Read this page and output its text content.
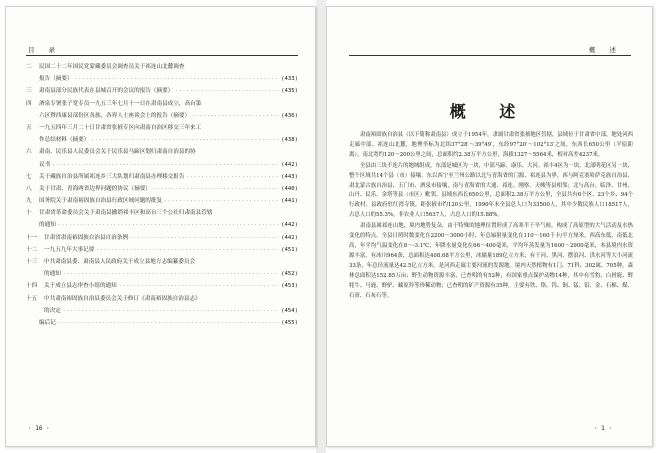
目 录
二	民国二十二年国民党蒙藏委员会调查员关于祁连山北麓调查
报告（摘要） ·····	(433)
三	肃南县部分民族代表在县城召开的会议的报告（摘要） ·····	(435)
四	酒泉专署张子宽专员一九五三年七月十一日在肃南县成立，高台第
六区暨西康县部份区各族、各界人士座谈会上的报告（摘要） ·····	(436)
五	一九五四年三月二十日甘肃省张掖专区向肃南自治区移交三年来工
作总结材料（摘要） ·····	(438)
六	肃南、民乐县人民委员会关于民乐县马蹄区划归肃南自治县的协
议书 ·····	(442)
七	关于藏族自治县所属祁连乡三大队划归肃南县办理移交报告 ·····	(443)
八	关于甘肃、青海两省边界问题的协议（摘要） ·····	(440)
九	国务院关于肃南裕固族自治县行政区域问题的批复 ·····	(441)
十	甘肃省革命委员会关于肃南县撤销祁丰区和高台三个公社归肃南县管辖
的通知 ·····	(442)
十一	甘肃省肃南裕固族自治县自治条例 ·····	(442)
十二	一九五九年大事记要 ·····	(451)
十三	中共肃南县委、肃南县人民政府关于成立县地方志编纂委员会
的通知 ·····	(452)
十四	关于成立县志审查小组的通知 ·····	(453)
十五	中共肃南裕固族自治县委员会关于修订《肃南裕固族自治县志》
的决定 ·····	(454)
编后记 ·····	(455)
· 16 ·
概 述
概 述

肃南裕固族自治县（以下简称肃南县）成立于1954年，隶属甘肃省张掖地区管辖，县域位于甘肃省中部，地处河西走廊中部、祁连山北麓，地理坐标为北纬37°28′～39°49′，东经97°20′～102°13′之间，东西长650公里（平原距离），南北宽约120～200公里之间，总面积约2.38万平方公里，海拔1327～5564米，相对高差4237米。

全县由三块不连片的地域组成，东部是城区为一块，中部马蹄、康乐、大河、祁丰4区为一块，北部明花区另一块，整个区域共14个县（市）接壤。东以西宁至兰州公路以北与青海省的门源、祁连县为界，西与阿克塞哈萨克族自治县、肃北蒙古族自治县、玉门市、酒泉市接壤，南与青海省的大通、祁连、刚察、天峻等县相邻；北与高台、临泽、甘州、山丹、民乐、金塔等县（市区）毗邻。县域东西长650公里，总面积2.38万平方公里，全县共有6个区、23个乡、94个行政村。县政府驻红湾寺镇，距张掖市约120公里，1990年末全县总人口为33500人，其中少数民族人口18517人，占总人口的55.3%，非农业人口5637人，占总人口的15.88%。

肃南县属祁连山地，境内地势复杂，由于特殊的地理位置形成了高寒半干旱气候，构成了高原型的大气活动及水热变化的特点。全县日照时数变化在2200～3000小时，年总辐射量变化在110～160千卡/平方厘米，西高东低，南低北高，年平均气温变化在8～-3.1℃，年降水量变化在66～400毫米，平均年蒸发量为1600～2900毫米，本县境内水资源丰富，有冰川964条，总面积达408.68平方公里，冰储量189亿立方米；有干河、黑河、摆浪河、洪水河等大小河流33条，年总径流量达42.5亿立方米，是河西走廊主要河流的发源地。境内天然植物有1门、71科、302属、705种，森林总面积达152.85万亩；野生动物资源丰富，已查明的有52种，有国家重点保护动物14种，其中有雪豹、白唇鹿、野牦牛、马鹿、野驴、藏原羚等珍稀动物；已查明的矿产资源有35种，主要有铁、铬、钨、铜、锰、铅、金、石棉、煤、石膏、石灰石等。

· 1 ·
